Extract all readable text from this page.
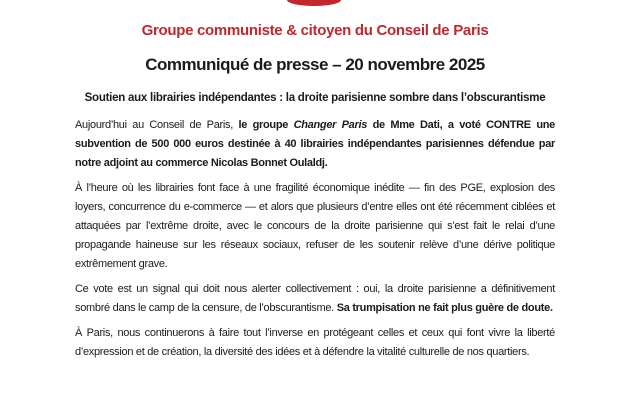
Groupe communiste & citoyen du Conseil de Paris
Communiqué de presse – 20 novembre 2025
Soutien aux librairies indépendantes : la droite parisienne sombre dans l’obscurantisme

Aujourd’hui au Conseil de Paris, le groupe Changer Paris de Mme Dati, a voté CONTRE une subvention de 500 000 euros destinée à 40 librairies indépendantes parisiennes défendue par notre adjoint au commerce Nicolas Bonnet Oulaldj.

À l’heure où les librairies font face à une fragilité économique inédite — fin des PGE, explosion des loyers, concurrence du e-commerce — et alors que plusieurs d’entre elles ont été récemment ciblées et attaquées par l’extrême droite, avec le concours de la droite parisienne qui s’est fait le relai d’une propagande haineuse sur les réseaux sociaux, refuser de les soutenir relève d’une dérive politique extrêmement grave.

Ce vote est un signal qui doit nous alerter collectivement : oui, la droite parisienne a définitivement sombré dans le camp de la censure, de l’obscurantisme. Sa trumpisation ne fait plus guère de doute.

À Paris, nous continuerons à faire tout l’inverse en protégeant celles et ceux qui font vivre la liberté d’expression et de création, la diversité des idées et à défendre la vitalité culturelle de nos quartiers.
